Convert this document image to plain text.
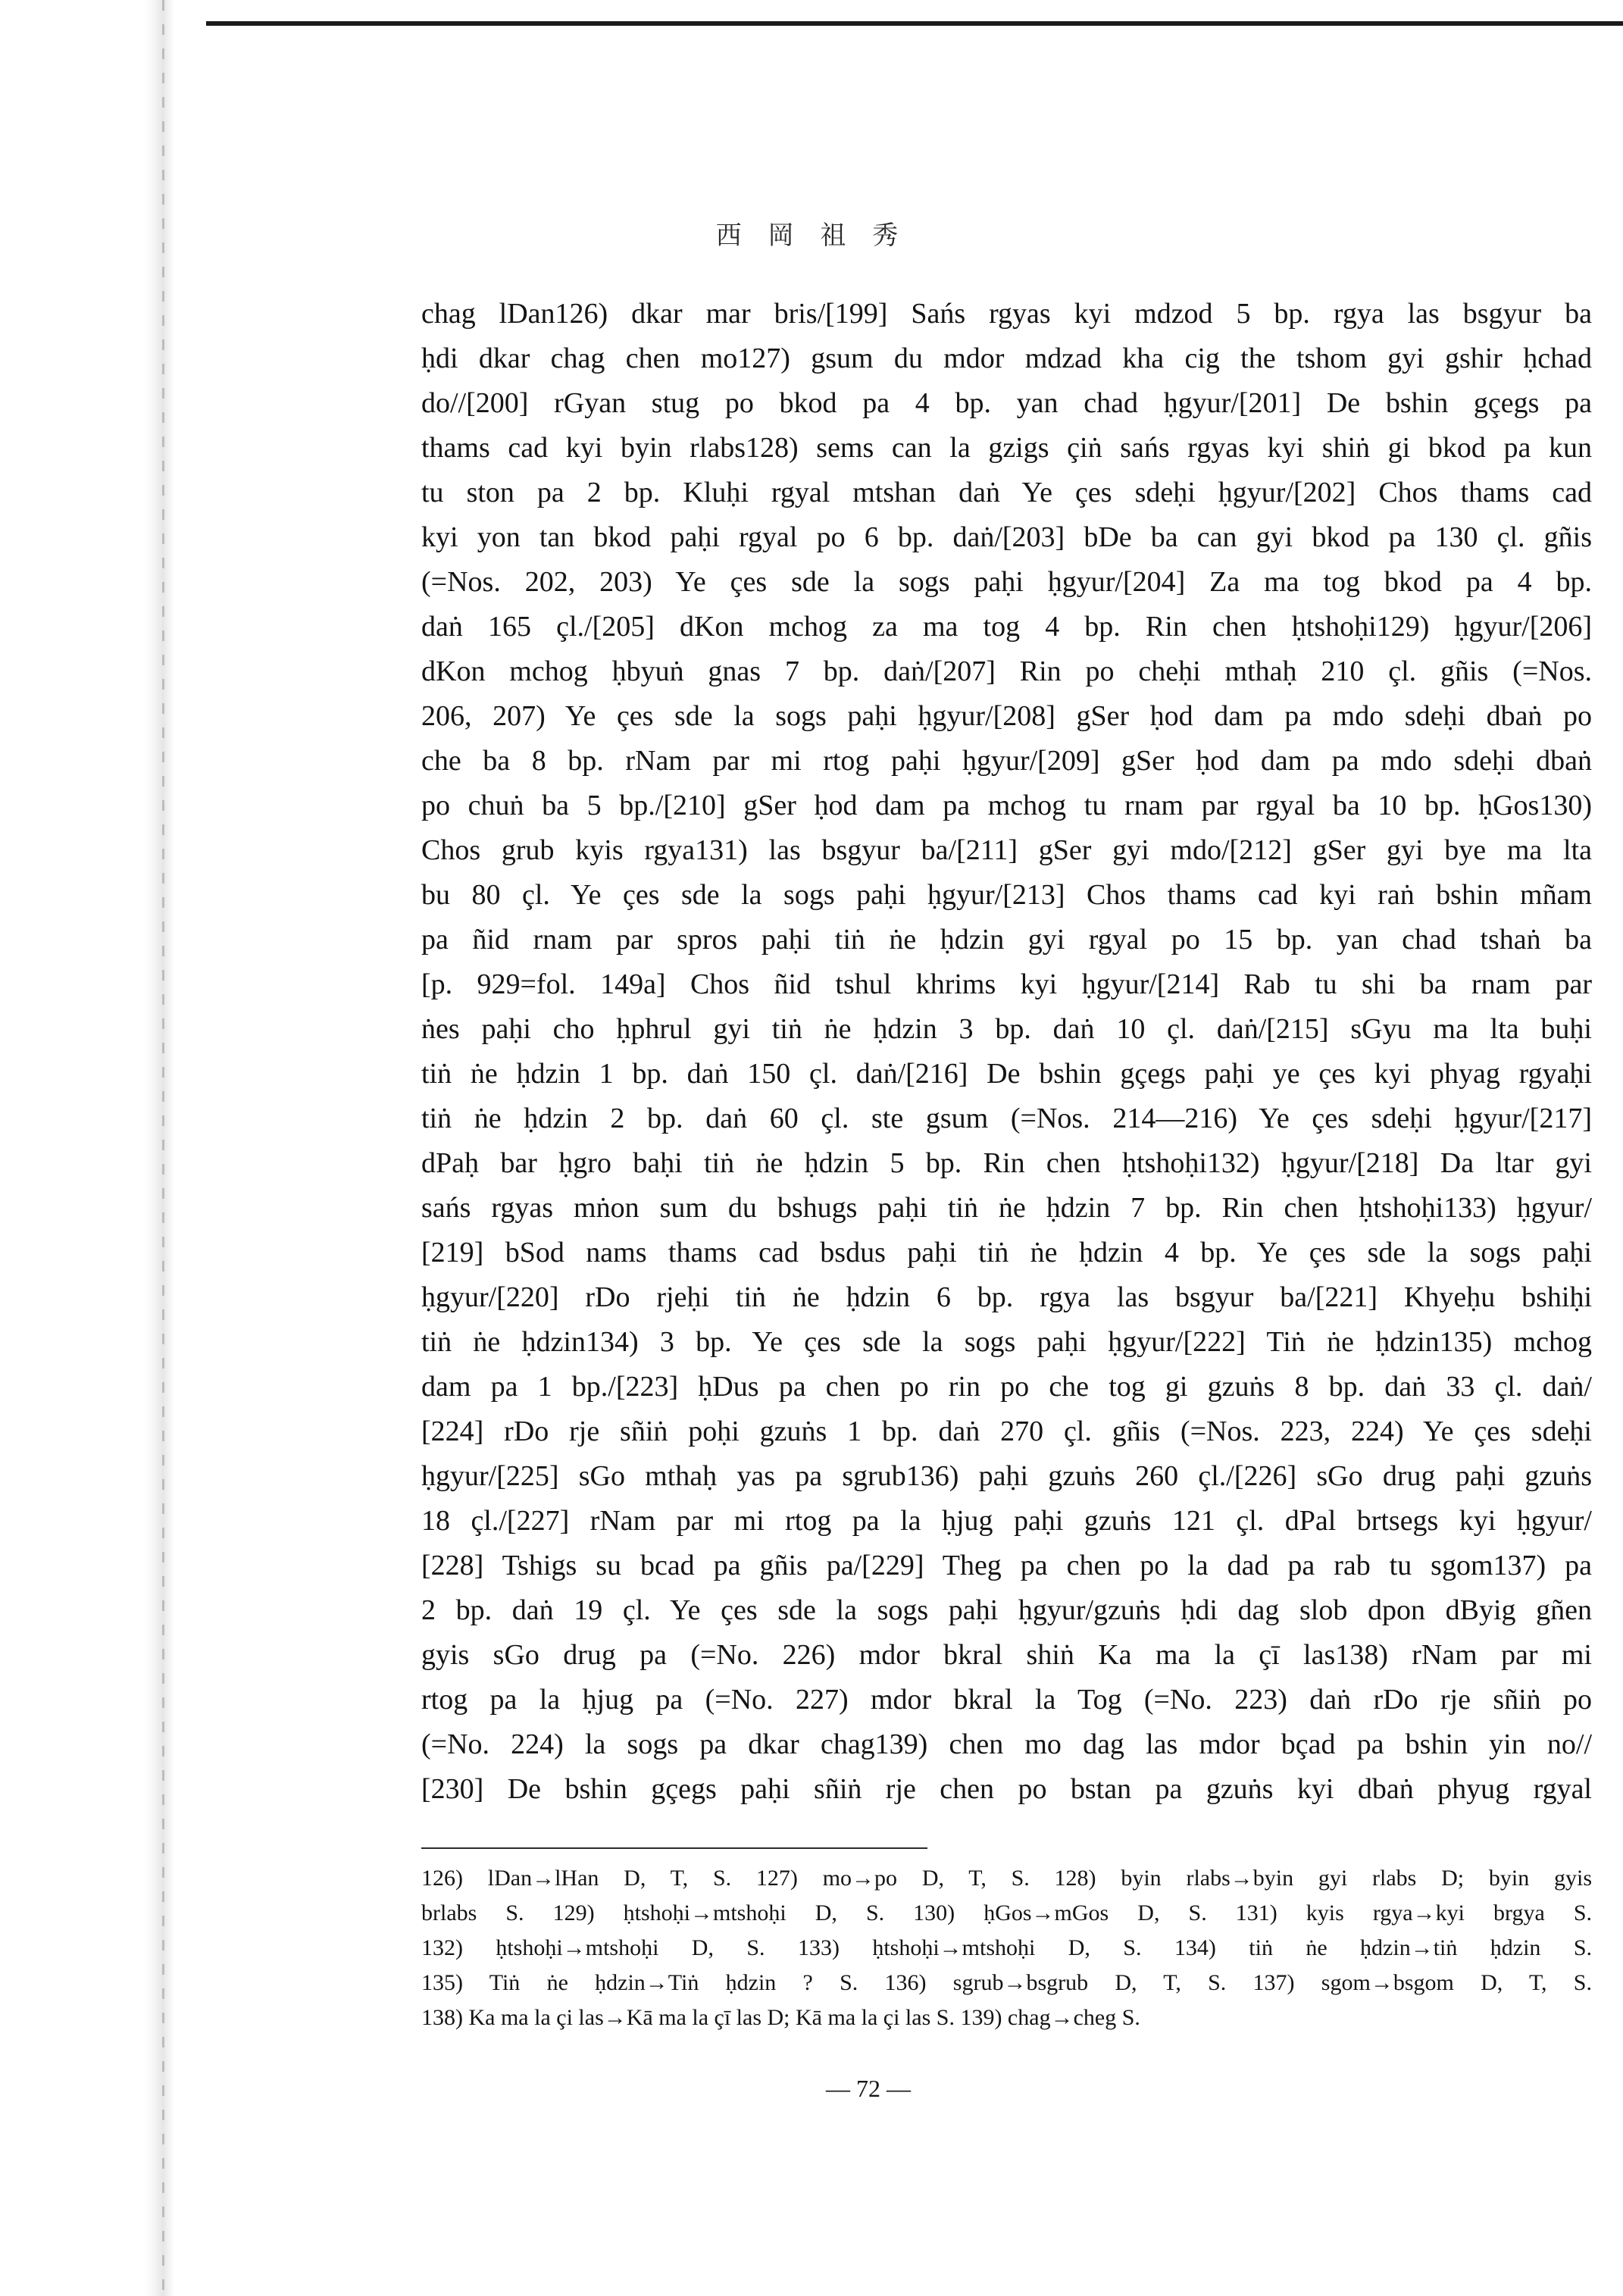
西 岡 祖 秀
chag lDan126) dkar mar bris/[199] Sańs rgyas kyi mdzod 5 bp. rgya las bsgyur ba
ḥdi dkar chag chen mo127) gsum du mdor mdzad kha cig the tshom gyi gshir ḥchad
do//[200] rGyan stug po bkod pa 4 bp. yan chad ḥgyur/[201] De bshin gçegs pa
thams cad kyi byin rlabs128) sems can la gzigs çiṅ sańs rgyas kyi shiṅ gi bkod pa kun
tu ston pa 2 bp. Kluḥi rgyal mtshan daṅ Ye çes sdeḥi ḥgyur/[202] Chos thams cad
kyi yon tan bkod paḥi rgyal po 6 bp. daṅ/[203] bDe ba can gyi bkod pa 130 çl. gñis
(=Nos. 202, 203) Ye çes sde la sogs paḥi ḥgyur/[204] Za ma tog bkod pa 4 bp.
daṅ 165 çl./[205] dKon mchog za ma tog 4 bp. Rin chen ḥtshoḥi129) ḥgyur/[206]
dKon mchog ḥbyuṅ gnas 7 bp. daṅ/[207] Rin po cheḥi mthaḥ 210 çl. gñis (=Nos.
206, 207) Ye çes sde la sogs paḥi ḥgyur/[208] gSer ḥod dam pa mdo sdeḥi dbaṅ po
che ba 8 bp. rNam par mi rtog paḥi ḥgyur/[209] gSer ḥod dam pa mdo sdeḥi dbaṅ
po chuṅ ba 5 bp./[210] gSer ḥod dam pa mchog tu rnam par rgyal ba 10 bp. ḥGos130)
Chos grub kyis rgya131) las bsgyur ba/[211] gSer gyi mdo/[212] gSer gyi bye ma lta
bu 80 çl. Ye çes sde la sogs paḥi ḥgyur/[213] Chos thams cad kyi raṅ bshin mñam
pa ñid rnam par spros paḥi tiṅ ṅe ḥdzin gyi rgyal po 15 bp. yan chad tshaṅ ba
[p. 929=fol. 149a] Chos ñid tshul khrims kyi ḥgyur/[214] Rab tu shi ba rnam par
ṅes paḥi cho ḥphrul gyi tiṅ ṅe ḥdzin 3 bp. daṅ 10 çl. daṅ/[215] sGyu ma lta buḥi
tiṅ ṅe ḥdzin 1 bp. daṅ 150 çl. daṅ/[216] De bshin gçegs paḥi ye çes kyi phyag rgyaḥi
tiṅ ṅe ḥdzin 2 bp. daṅ 60 çl. ste gsum (=Nos. 214—216) Ye çes sdeḥi ḥgyur/[217]
dPaḥ bar ḥgro baḥi tiṅ ṅe ḥdzin 5 bp. Rin chen ḥtshoḥi132) ḥgyur/[218] Da ltar gyi
sańs rgyas mṅon sum du bshugs paḥi tiṅ ṅe ḥdzin 7 bp. Rin chen ḥtshoḥi133) ḥgyur/
[219] bSod nams thams cad bsdus paḥi tiṅ ṅe ḥdzin 4 bp. Ye çes sde la sogs paḥi
ḥgyur/[220] rDo rjeḥi tiṅ ṅe ḥdzin 6 bp. rgya las bsgyur ba/[221] Khyeḥu bshiḥi
tiṅ ṅe ḥdzin134) 3 bp. Ye çes sde la sogs paḥi ḥgyur/[222] Tiṅ ṅe ḥdzin135) mchog
dam pa 1 bp./[223] ḥDus pa chen po rin po che tog gi gzuṅs 8 bp. daṅ 33 çl. daṅ/
[224] rDo rje sñiṅ poḥi gzuṅs 1 bp. daṅ 270 çl. gñis (=Nos. 223, 224) Ye çes sdeḥi
ḥgyur/[225] sGo mthaḥ yas pa sgrub136) paḥi gzuṅs 260 çl./[226] sGo drug paḥi gzuṅs
18 çl./[227] rNam par mi rtog pa la ḥjug paḥi gzuṅs 121 çl. dPal brtsegs kyi ḥgyur/
[228] Tshigs su bcad pa gñis pa/[229] Theg pa chen po la dad pa rab tu sgom137) pa
2 bp. daṅ 19 çl. Ye çes sde la sogs paḥi ḥgyur/gzuṅs ḥdi dag slob dpon dByig gñen
gyis sGo drug pa (=No. 226) mdor bkral shiṅ Ka ma la çī las138) rNam par mi
rtog pa la ḥjug pa (=No. 227) mdor bkral la Tog (=No. 223) daṅ rDo rje sñiṅ po
(=No. 224) la sogs pa dkar chag139) chen mo dag las mdor bçad pa bshin yin no//
[230] De bshin gçegs paḥi sñiṅ rje chen po bstan pa gzuṅs kyi dbaṅ phyug rgyal
126) lDan→lHan D, T, S. 127) mo→po D, T, S. 128) byin rlabs→byin gyi rlabs D; byin gyis
brlabs S. 129) ḥtshoḥi→mtshoḥi D, S. 130) ḥGos→mGos D, S. 131) kyis rgya→kyi brgya S.
132) ḥtshoḥi→mtshoḥi D, S. 133) ḥtshoḥi→mtshoḥi D, S. 134) tiṅ ṅe ḥdzin→tiṅ ḥdzin S.
135) Tiṅ ṅe ḥdzin→Tiṅ ḥdzin ? S. 136) sgrub→bsgrub D, T, S. 137) sgom→bsgom D, T, S.
138) Ka ma la çi las→Kā ma la çī las D; Kā ma la çi las S. 139) chag→cheg S.
— 72 —
